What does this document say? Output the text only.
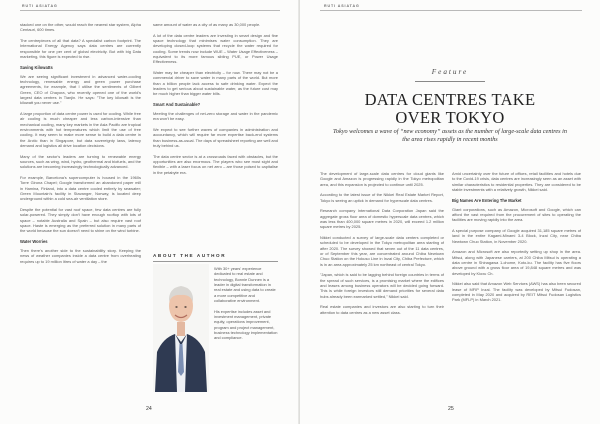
RUTI ASIATAG

stacked one on the other, would reach the nearest star system, Alpha Centauri, 600 times.

The centrepieces of all that data? A specialist carbon footprint. The International Energy Agency says data centres are currently responsible for one per cent of global electricity. But with big Data marketing, this figure is expected to rise.

Saving Kilowatts

We are seeing significant investment in advanced water-cooling technology, renewable energy and green power purchase agreements, for example, that I utilise the sentiments of Gilbert Green, CEO of Chayora, who recently opened one of the world's largest data centres in Tianjin. He says: "The key kilowatt is the kilowatt you never use."

A large proportion of data centre power is used for cooling. While free air cooling is much cheaper and less carbon-intensive than mechanical cooling, many key markets in the Asia Pacific are tropical environments with hot temperatures which limit the use of free cooling. It may seem to make more sense to build a data centre in the Arctic than in Singapore, but data sovereignty laws, latency demand and logistics all drive location decisions.

Many of the sector's leaders are turning to renewable energy sources, such as wing, wind, hydro, geothermal and biofuels, and the solutions are becoming increasingly technologically advanced.

For example, Barcelona's supercomputer is housed in the 1960s Torre Girona Chapel; Google transformed an abandoned paper mill in Hamina, Finland, into a data centre cooled entirely by seawater; Green Mountain's facility in Stavanger, Norway, is located deep underground within a cold sea-air ventilation store.

Despite the potential for vast roof space, few data centres are fully solar-powered. They simply don't have enough rooftop with lots of space – notable Australia and Spain – but also require vast roof space. Haste is emerging as the preferred solution in many parts of the world because the sun doesn't need to shine on the wind turbine.

Water Worries

Then there's another side to the sustainability story. Keeping the news of weather companies inside a data centre from overheating requires up to 19 million litres of water a day – the

same amount of water as a city of as many as 30,000 people.

A lot of the data centre leaders are investing in smart design and fine space technology that minimises water consumption. They are developing closed-loop systems that recycle the water required for cooling. Some trends now include WUE – Water Usage Effectiveness – equivalent to its more famous sibling PUE, or Power Usage Effectiveness.

Water may be cheaper than electricity – for now. There may not be a commercial driver to save water in many parts of the world. But more than a billion people lack access to safe drinking water. Expect the leaders to get serious about sustainable water, as the future cost may be much higher than bigger water bills.

Smart And Sustainable?

Meeting the challenges of net-zero storage and water in the pandemic era won't be easy.

We expect to see further waves of companies in administration and accountancy, which will require far more expertise back-end systems than business-as-usual. The days of spreadsheet reporting are well and truly behind us.

The data centre sector is at a crossroads faced with obstacles, but the opportunities are also enormous. The players who see most sight and flexible – with a laser focus on net zero – are those poised to capitalise in the petabyte era.

ABOUT THE AUTHOR

With 30+ years' experience dedicated to real estate and technology, Bonnie Dunnex is a leader in digital transformation in real estate and using data to create a more competitive and collaborative environment.

His expertise includes asset and investment management, private equity, operations improvement, program and project management, business technology implementation and compliance.

24
RUTI ASIATAG
25
Feature
DATA CENTRES TAKE
OVER TOKYO
Tokyo welcomes a wave of “new economy” assets as the number of large-scale data centres in the area rises rapidly in recent months

The development of large-scale data centres for cloud giants like Google and Amazon is progressing rapidly in the Tokyo metropolitan area, and this expansion is projected to continue until 2025.

According to the latest issue of the Nikkei Real Estate Market Report, Tokyo is seeing an uptick in demand for hyperscale data centres.

Research company International Data Corporation Japan said the aggregate gross floor area of domestic hyperscale data centres, which was less than 400,000 square metres in 2020, will exceed 1.2 million square metres by 2025.

Nikkei conducted a survey of large-scale data centers completed or scheduled to be developed in the Tokyo metropolitan area starting of after 2020. The survey showed that seven out of the 11 data centres, or of September this year, are concentrated around Chiba Newtown Chuo Station on the Hokuso Line in Inzai City, Chiba Prefecture, which is in an area approximately 25 km northeast of central Tokyo.

"Japan, which is said to be lagging behind foreign countries in terms of the spread of such services, is a promising market where the edifices and leases among business operators will be decided going forward. This is while foreign investors still demand priorities for several data hubs already been earmarked settled," Nikkei said.

Real estate companies and investors are also starting to turn their attention to data centres as a new asset class.

Amid uncertainty over the future of offices, retail facilities and hotels due to the Covid-19 crisis, data centres are increasingly seen as an asset with similar characteristics to residential properties. They are considered to be stable investments with a relatively growth, Nikkei said.

Big Names Are Entering The Market

Giant corporations, such as Amazon, Microsoft and Google, which can afford the vast required from the procurement of sites to operating the facilities are moving rapidly into the area.

A special purpose company of Google acquired 31,185 square metres of land in the entire Kagami-Minami 3-4 Block, Inzai City, near Chiba Newtown Chuo Station, in November 2020.

Amazon and Microsoft are also reportedly setting up shop in the area. Mitsui, along with Japanese carriers, at 200 Chiba Mitsui is operating a data centre in Shinagawa 1-chome, Koto-ku. The facility has five floors above ground with a gross floor area of 19,848 square metres and was developed by Kioxu Ch.

Nikkei also said that Amazon Web Services (AWS) has also been secured lease of MFIP Inzai. The facility was developed by Mitsui Fudosan, completed in May 2020 and acquired by REIT Mitsui Fudosan Logistics Park (MFLP) in March 2021.
